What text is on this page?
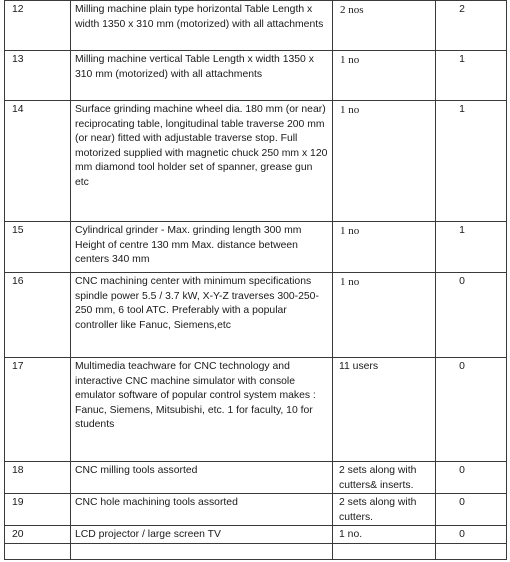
12	Milling machine plain type horizontal Table Length x width 1350 x 310 mm (motorized) with all attachments	2 nos	2
13	Milling machine vertical Table Length x width 1350 x 310 mm (motorized) with all attachments	1 no	1
14	Surface grinding machine wheel dia. 180 mm (or near) reciprocating table, longitudinal table traverse 200 mm (or near) fitted with adjustable traverse stop. Full motorized supplied with magnetic chuck 250 mm x 120 mm diamond tool holder set of spanner, grease gun etc	1 no	1
15	Cylindrical grinder - Max. grinding length 300 mm Height of centre 130 mm Max. distance between centers 340 mm	1 no	1
16	CNC machining center with minimum specifications spindle power 5.5 / 3.7 kW, X-Y-Z traverses 300-250-250 mm, 6 tool ATC. Preferably with a popular controller like Fanuc, Siemens,etc	1 no	0
17	Multimedia teachware for CNC technology and interactive CNC machine simulator with console emulator software of popular control system makes : Fanuc, Siemens, Mitsubishi, etc. 1 for faculty, 10 for students	11 users	0
18	CNC milling tools assorted	2 sets along with cutters& inserts.	0
19	CNC hole machining tools assorted	2 sets along with cutters.	0
20	LCD projector / large screen TV	1 no.	0
